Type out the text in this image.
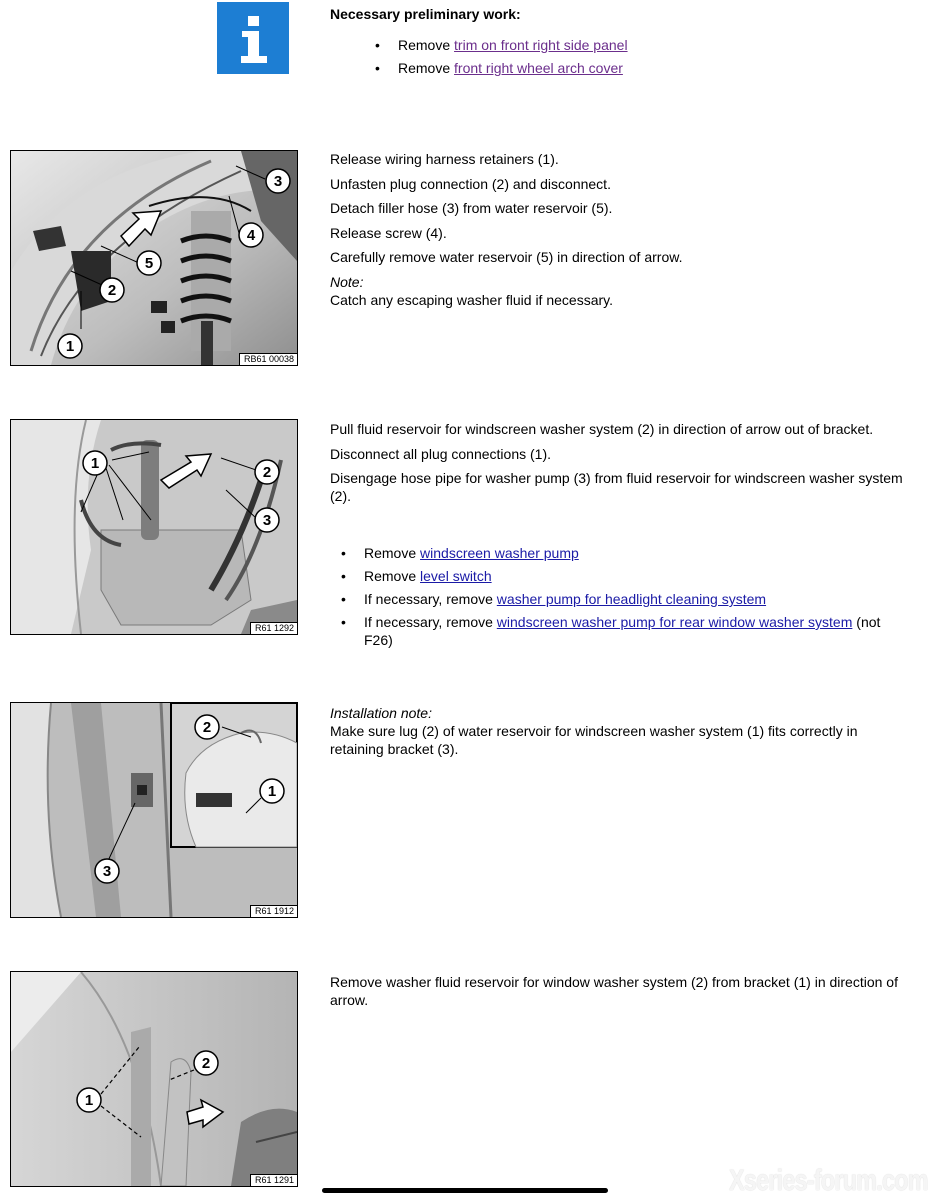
Necessary preliminary work:
• Remove trim on front right side panel
• Remove front right wheel arch cover
1
2
3
4
5
RB61 00038

Release wiring harness retainers (1).

Unfasten plug connection (2) and disconnect.

Detach filler hose (3) from water reservoir (5).

Release screw (4).

Carefully remove water reservoir (5) in direction of arrow.

Note:
Catch any escaping washer fluid if necessary.
1
2
3
R61 1292

Pull fluid reservoir for windscreen washer system (2) in direction of arrow out of bracket.

Disconnect all plug connections (1).

Disengage hose pipe for washer pump (3) from fluid reservoir for windscreen washer system (2).

• Remove windscreen washer pump
• Remove level switch
• If necessary, remove washer pump for headlight cleaning system
• If necessary, remove windscreen washer pump for rear window washer system (not F26)
1
2
3
R61 1912
Installation note:
Make sure lug (2) of water reservoir for windscreen washer system (1) fits correctly in retaining bracket (3).
1
2
R61 1291
Remove washer fluid reservoir for window washer system (2) from bracket (1) in direction of arrow.
Xseries-forum.com
